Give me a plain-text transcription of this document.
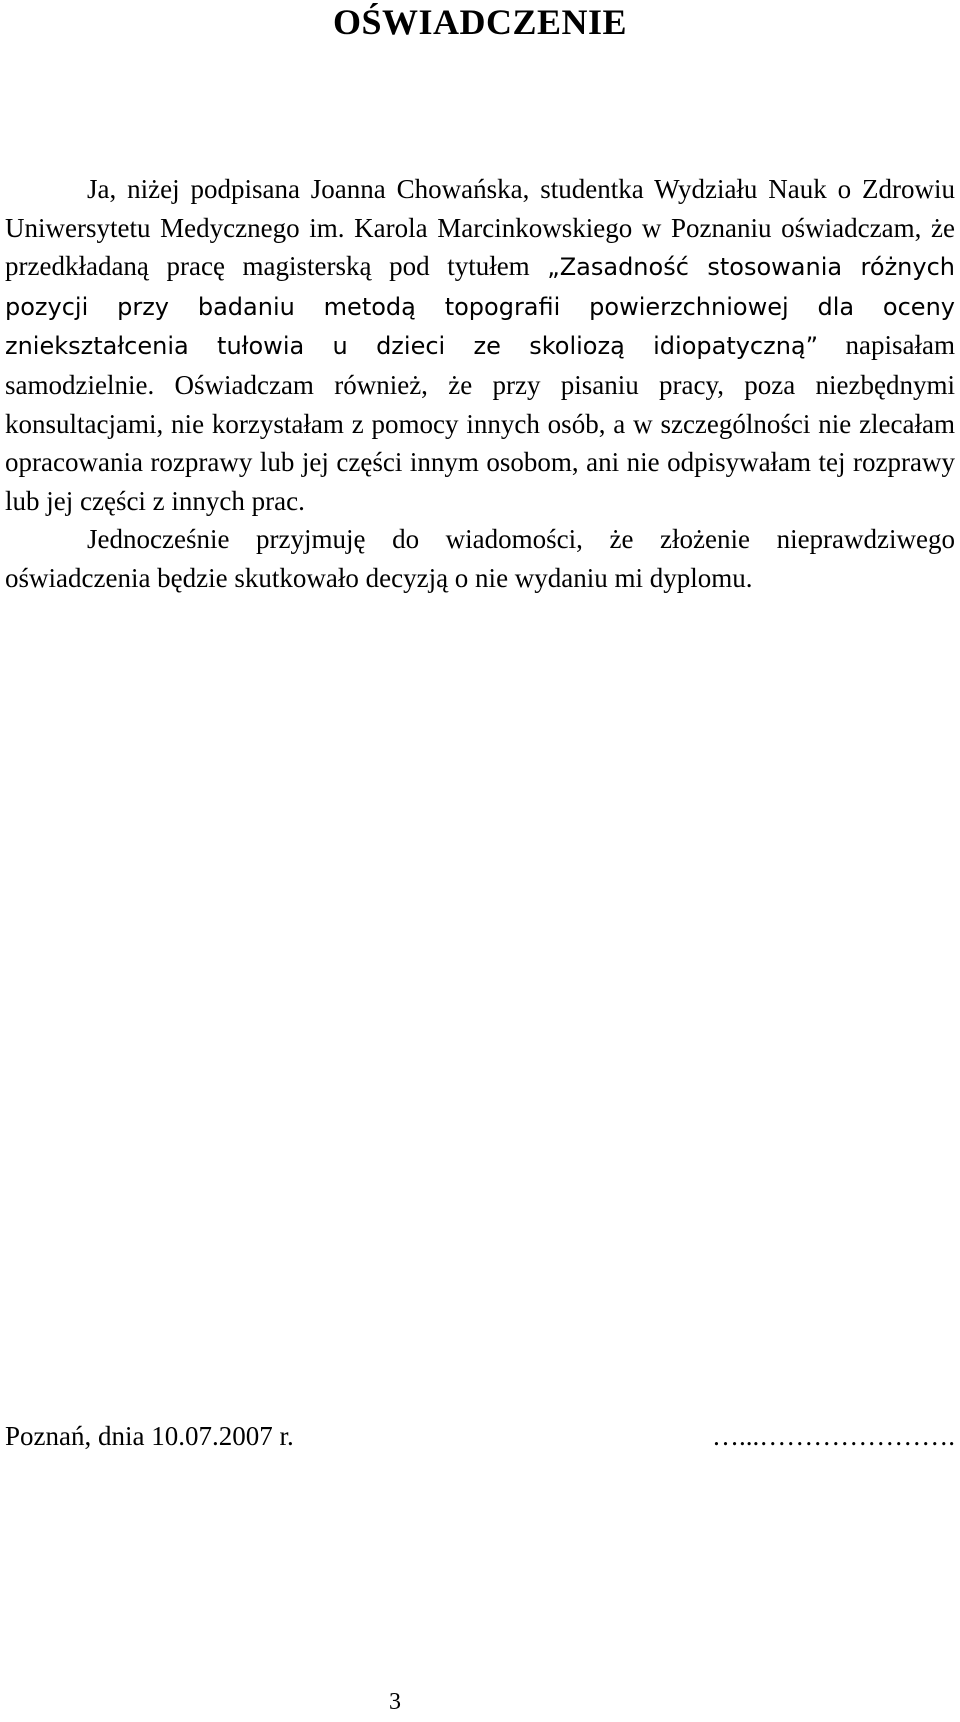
OŚWIADCZENIE

Ja, niżej podpisana Joanna Chowańska, studentka Wydziału Nauk o Zdrowiu Uniwersytetu Medycznego im. Karola Marcinkowskiego w Poznaniu oświadczam, że przedkładaną pracę magisterską pod tytułem „Zasadność stosowania różnych pozycji przy badaniu metodą topografii powierzchniowej dla oceny zniekształcenia tułowia u dzieci ze skoliozą idiopatyczną” napisałam samodzielnie. Oświadczam również, że przy pisaniu pracy, poza niezbędnymi konsultacjami, nie korzystałam z pomocy innych osób, a w szczególności nie zlecałam opracowania rozprawy lub jej części innym osobom, ani nie odpisywałam tej rozprawy lub jej części z innych prac.

Jednocześnie przyjmuję do wiadomości, że złożenie nieprawdziwego oświadczenia będzie skutkowało decyzją o nie wydaniu mi dyplomu.

Poznań, dnia 10.07.2007 r.	…...………………….
3
